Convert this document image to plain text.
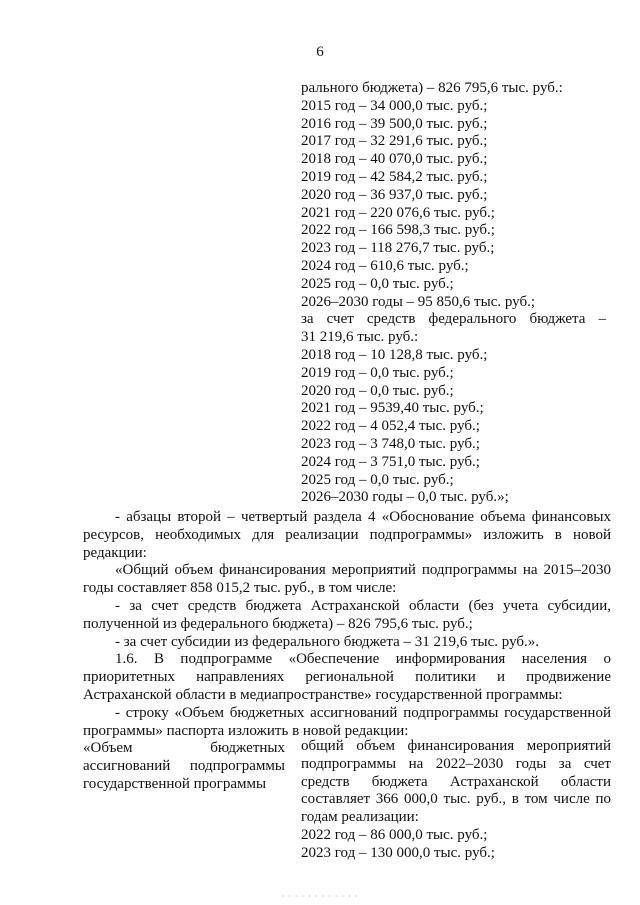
6
рального бюджета) – 826 795,6 тыс. руб.:
2015 год – 34 000,0 тыс. руб.;
2016 год – 39 500,0 тыс. руб.;
2017 год – 32 291,6 тыс. руб.;
2018 год – 40 070,0 тыс. руб.;
2019 год – 42 584,2 тыс. руб.;
2020 год – 36 937,0 тыс. руб.;
2021 год – 220 076,6 тыс. руб.;
2022 год – 166 598,3 тыс. руб.;
2023 год – 118 276,7 тыс. руб.;
2024 год – 610,6 тыс. руб.;
2025 год – 0,0 тыс. руб.;
2026–2030 годы – 95 850,6 тыс. руб.;
за счет средств федерального бюджета –
31 219,6 тыс. руб.:
2018 год – 10 128,8 тыс. руб.;
2019 год – 0,0 тыс. руб.;
2020 год – 0,0 тыс. руб.;
2021 год – 9539,40 тыс. руб.;
2022 год – 4 052,4 тыс. руб.;
2023 год – 3 748,0 тыс. руб.;
2024 год – 3 751,0 тыс. руб.;
2025 год – 0,0 тыс. руб.;
2026–2030 годы – 0,0 тыс. руб.»;

- абзацы второй – четвертый раздела 4 «Обоснование объема финансовых ресурсов, необходимых для реализации подпрограммы» изложить в новой редакции:

«Общий объем финансирования мероприятий подпрограммы на 2015–2030 годы составляет 858 015,2 тыс. руб., в том числе:

- за счет средств бюджета Астраханской области (без учета субсидии, полученной из федерального бюджета) – 826 795,6 тыс. руб.;

- за счет субсидии из федерального бюджета – 31 219,6 тыс. руб.».

1.6. В подпрограмме «Обеспечение информирования населения о приоритетных направлениях региональной политики и продвижение Астраханской области в медиапространстве» государственной программы:

- строку «Объем бюджетных ассигнований подпрограммы государственной программы» паспорта изложить в новой редакции:

«Объем бюджетных ассигнований подпрограммы государственной программы
общий объем финансирования мероприятий подпрограммы на 2022–2030 годы за счет средств бюджета Астраханской области составляет 366 000,0 тыс. руб., в том числе по годам реализации:
2022 год – 86 000,0 тыс. руб.;
2023 год – 130 000,0 тыс. руб.;
· · · · · · · · · · · ·
